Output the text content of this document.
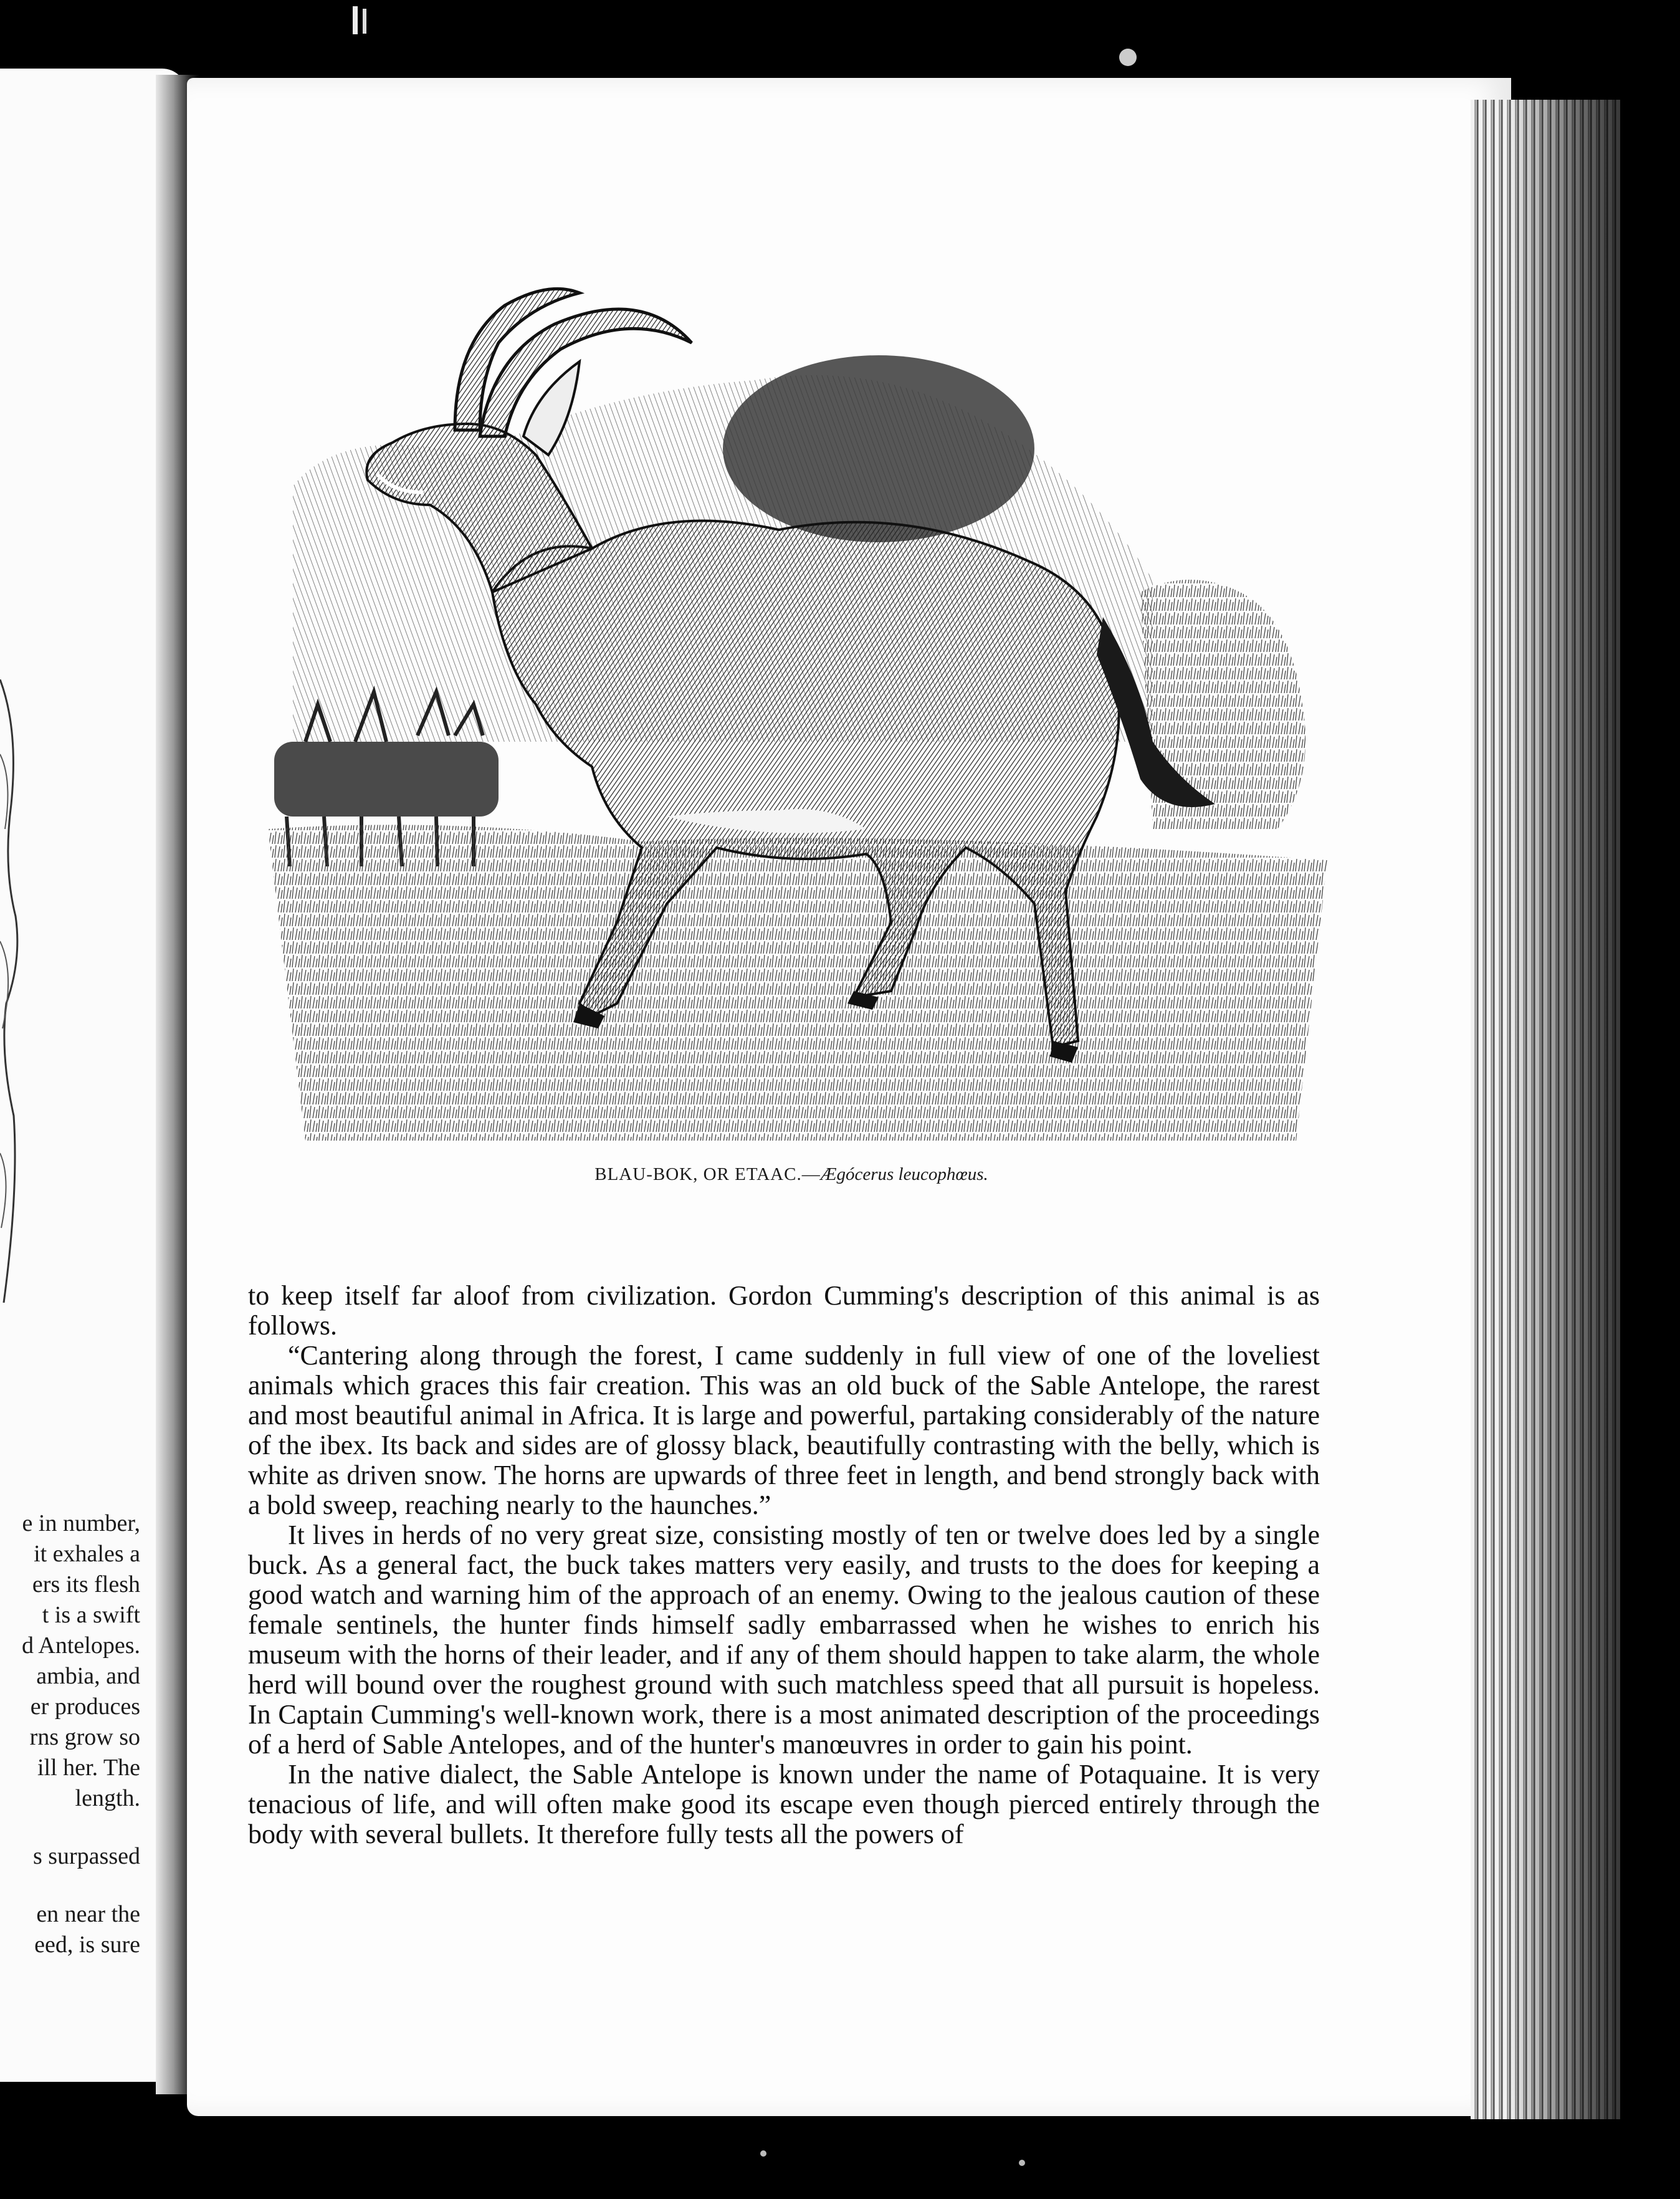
e in number,
it exhales a
ers its flesh
t is a swift
d Antelopes.
ambia, and
er produces
rns grow so
ill her. The
length.
s surpassed
en near the
eed, is sure
BLAU-BOK, OR ETAAC.—Ægócerus leucophœus.

to keep itself far aloof from civilization. Gordon Cumming's description of this animal is as follows.

“Cantering along through the forest, I came suddenly in full view of one of the loveliest animals which graces this fair creation. This was an old buck of the Sable Antelope, the rarest and most beautiful animal in Africa. It is large and powerful, partaking considerably of the nature of the ibex. Its back and sides are of glossy black, beautifully contrasting with the belly, which is white as driven snow. The horns are upwards of three feet in length, and bend strongly back with a bold sweep, reaching nearly to the haunches.”

It lives in herds of no very great size, consisting mostly of ten or twelve does led by a single buck. As a general fact, the buck takes matters very easily, and trusts to the does for keeping a good watch and warning him of the approach of an enemy. Owing to the jealous caution of these female sentinels, the hunter finds himself sadly embarrassed when he wishes to enrich his museum with the horns of their leader, and if any of them should happen to take alarm, the whole herd will bound over the roughest ground with such matchless speed that all pursuit is hopeless. In Captain Cumming's well-known work, there is a most animated description of the proceedings of a herd of Sable Antelopes, and of the hunter's manœuvres in order to gain his point.

In the native dialect, the Sable Antelope is known under the name of Potaquaine. It is very tenacious of life, and will often make good its escape even though pierced entirely through the body with several bullets. It therefore fully tests all the powers of
